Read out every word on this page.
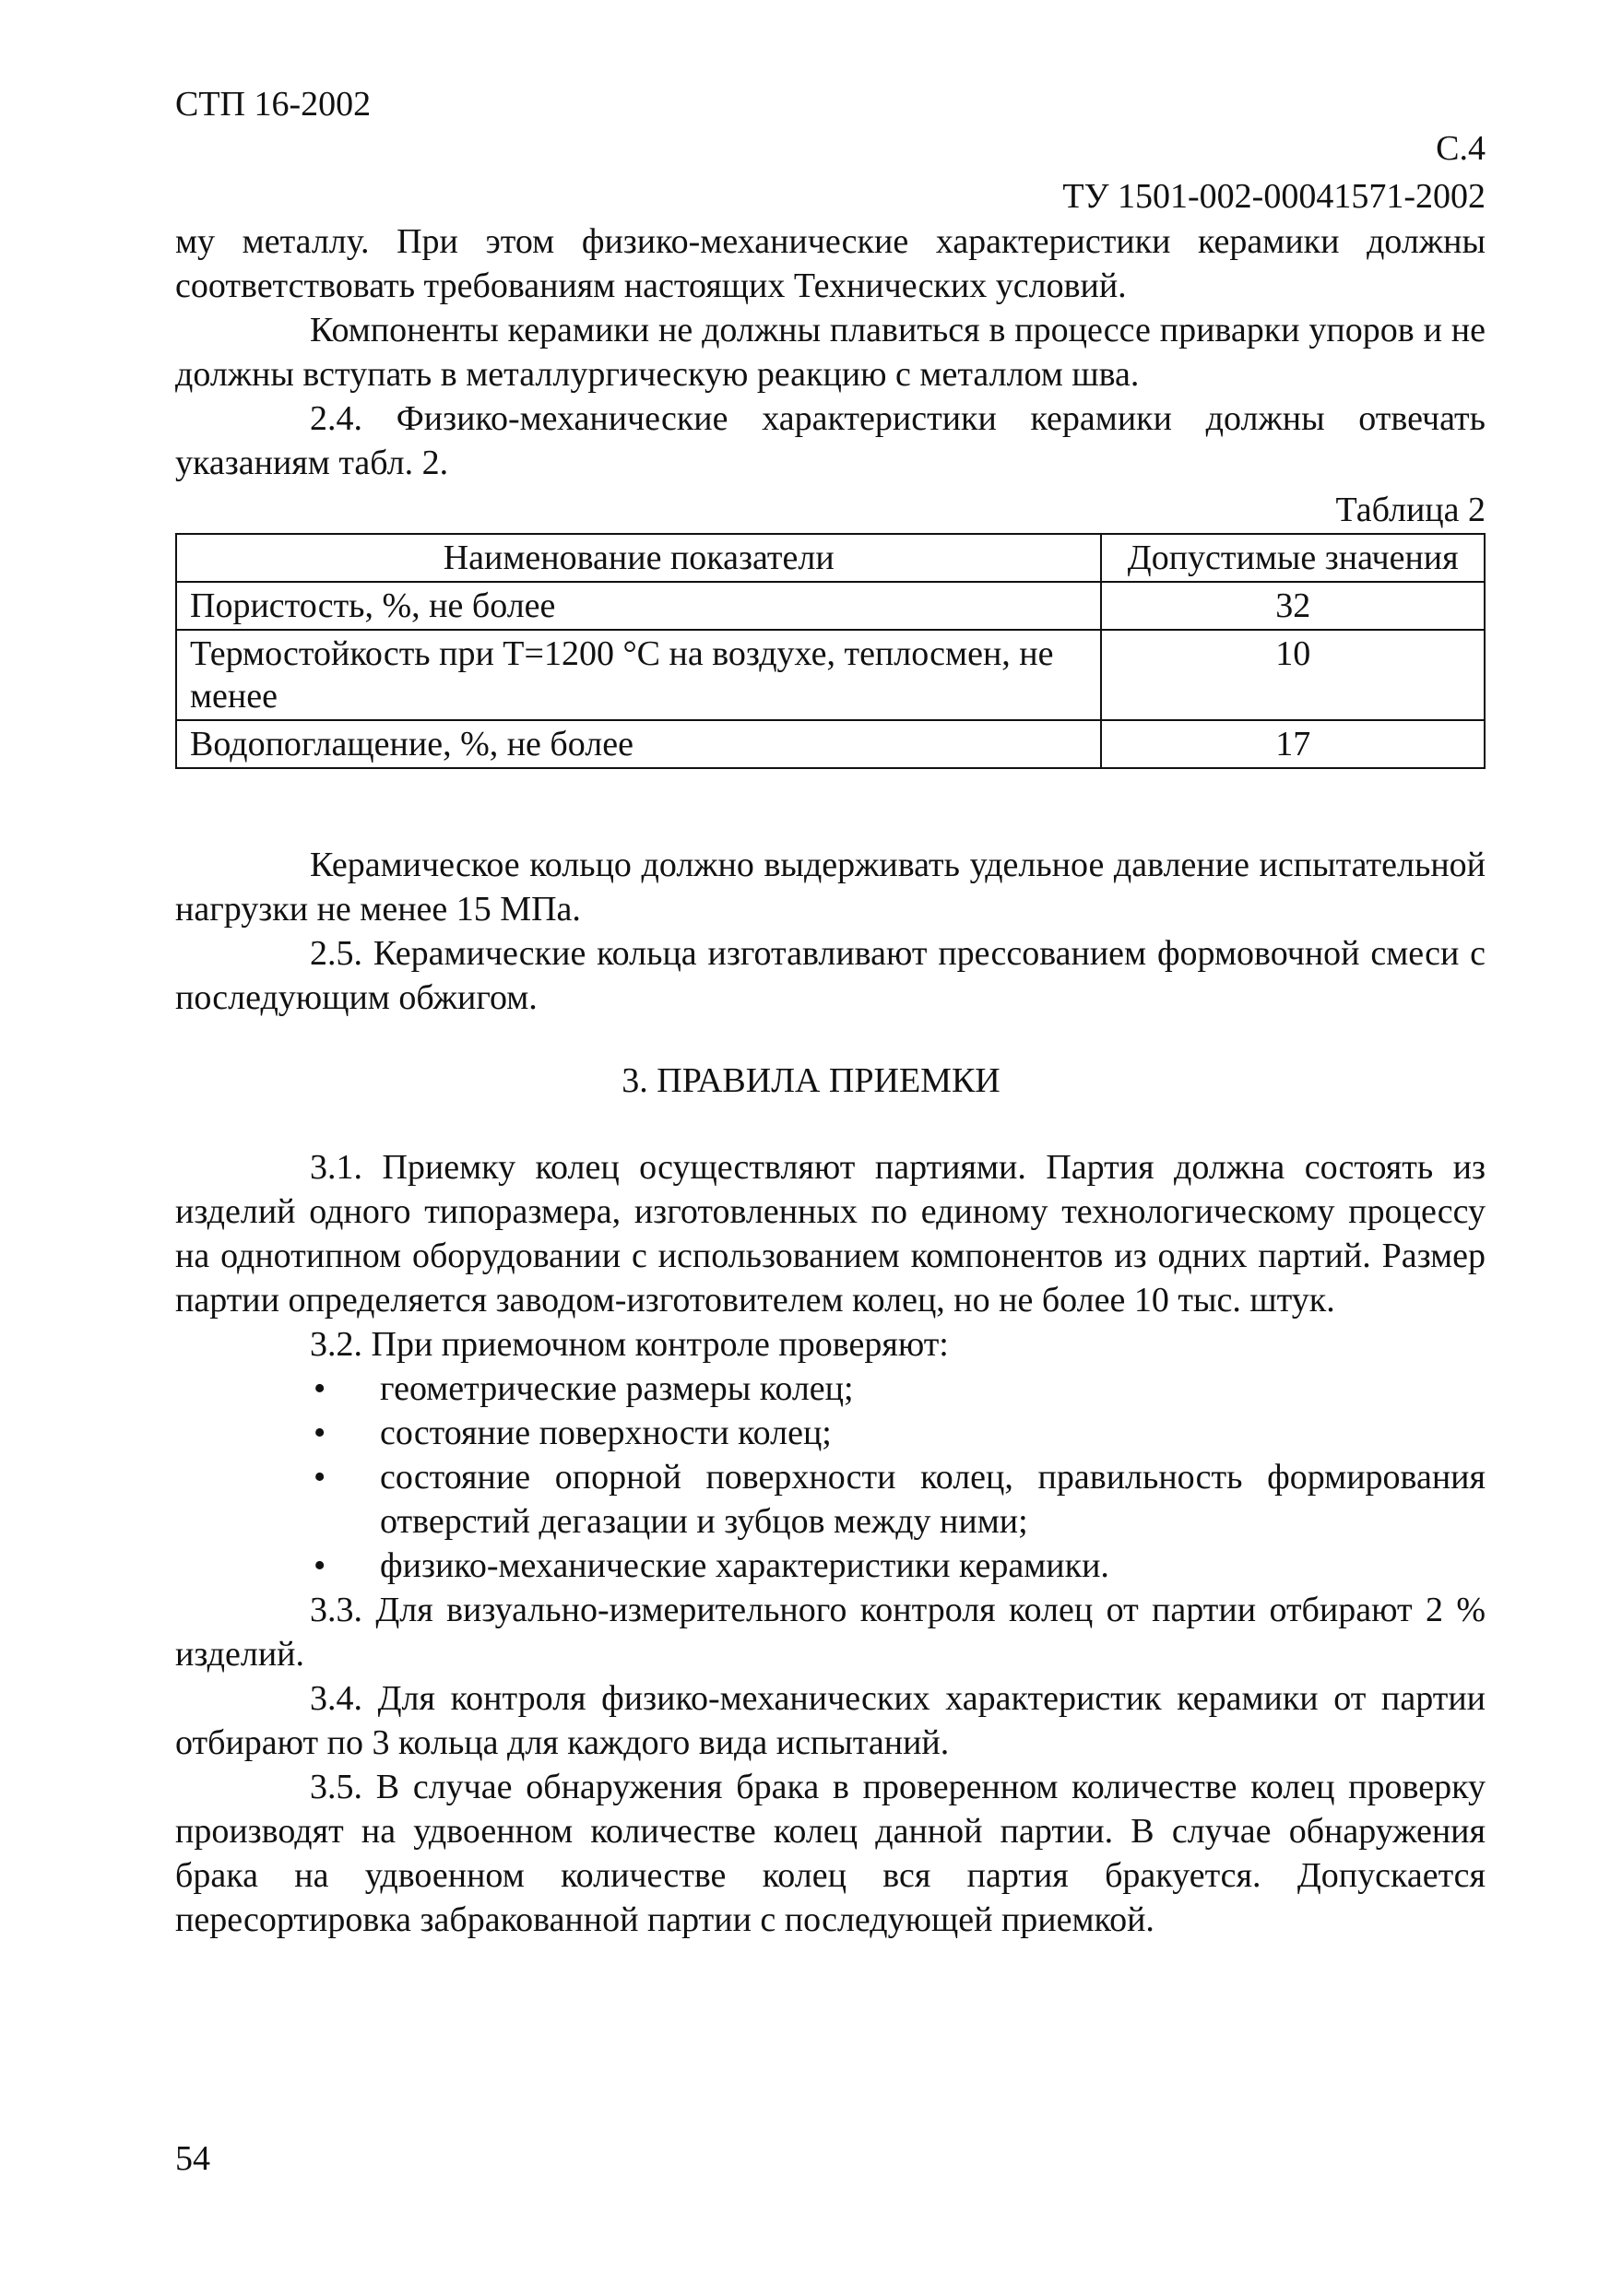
СТП 16-2002
С.4
ТУ 1501-002-00041571-2002

му металлу. При этом физико-механические характеристики керамики должны соответствовать требованиям настоящих Технических условий.

Компоненты керамики не должны плавиться в процессе приварки упоров и не должны вступать в металлургическую реакцию с металлом шва.

2.4. Физико-механические характеристики керамики должны отвечать указаниям табл. 2.

Таблица 2
Наименование показатели	Допустимые значения
Пористость, %, не более	32
Термостойкость при Т=1200 °С на воздухе, теплосмен, не менее	10
Водопоглащение, %, не более	17

Керамическое кольцо должно выдерживать удельное давление испытательной нагрузки не менее 15 МПа.

2.5. Керамические кольца изготавливают прессованием формовочной смеси с последующим обжигом.

3. ПРАВИЛА ПРИЕМКИ

3.1. Приемку колец осуществляют партиями. Партия должна состоять из изделий одного типоразмера, изготовленных по единому технологическому процессу на однотипном оборудовании с использованием компонентов из одних партий. Размер партии определяется заводом-изготовителем колец, но не более 10 тыс. штук.

3.2. При приемочном контроле проверяют:

• геометрические размеры колец;
• состояние поверхности колец;
• состояние опорной поверхности колец, правильность формирования отверстий дегазации и зубцов между ними;
• физико-механические характеристики керамики.

3.3. Для визуально-измерительного контроля колец от партии отбирают 2 % изделий.

3.4. Для контроля физико-механических характеристик керамики от партии отбирают по 3 кольца для каждого вида испытаний.

3.5. В случае обнаружения брака в проверенном количестве колец проверку производят на удвоенном количестве колец данной партии. В случае обнаружения брака на удвоенном количестве колец вся партия бракуется. Допускается пересортировка забракованной партии с последующей приемкой.

54
